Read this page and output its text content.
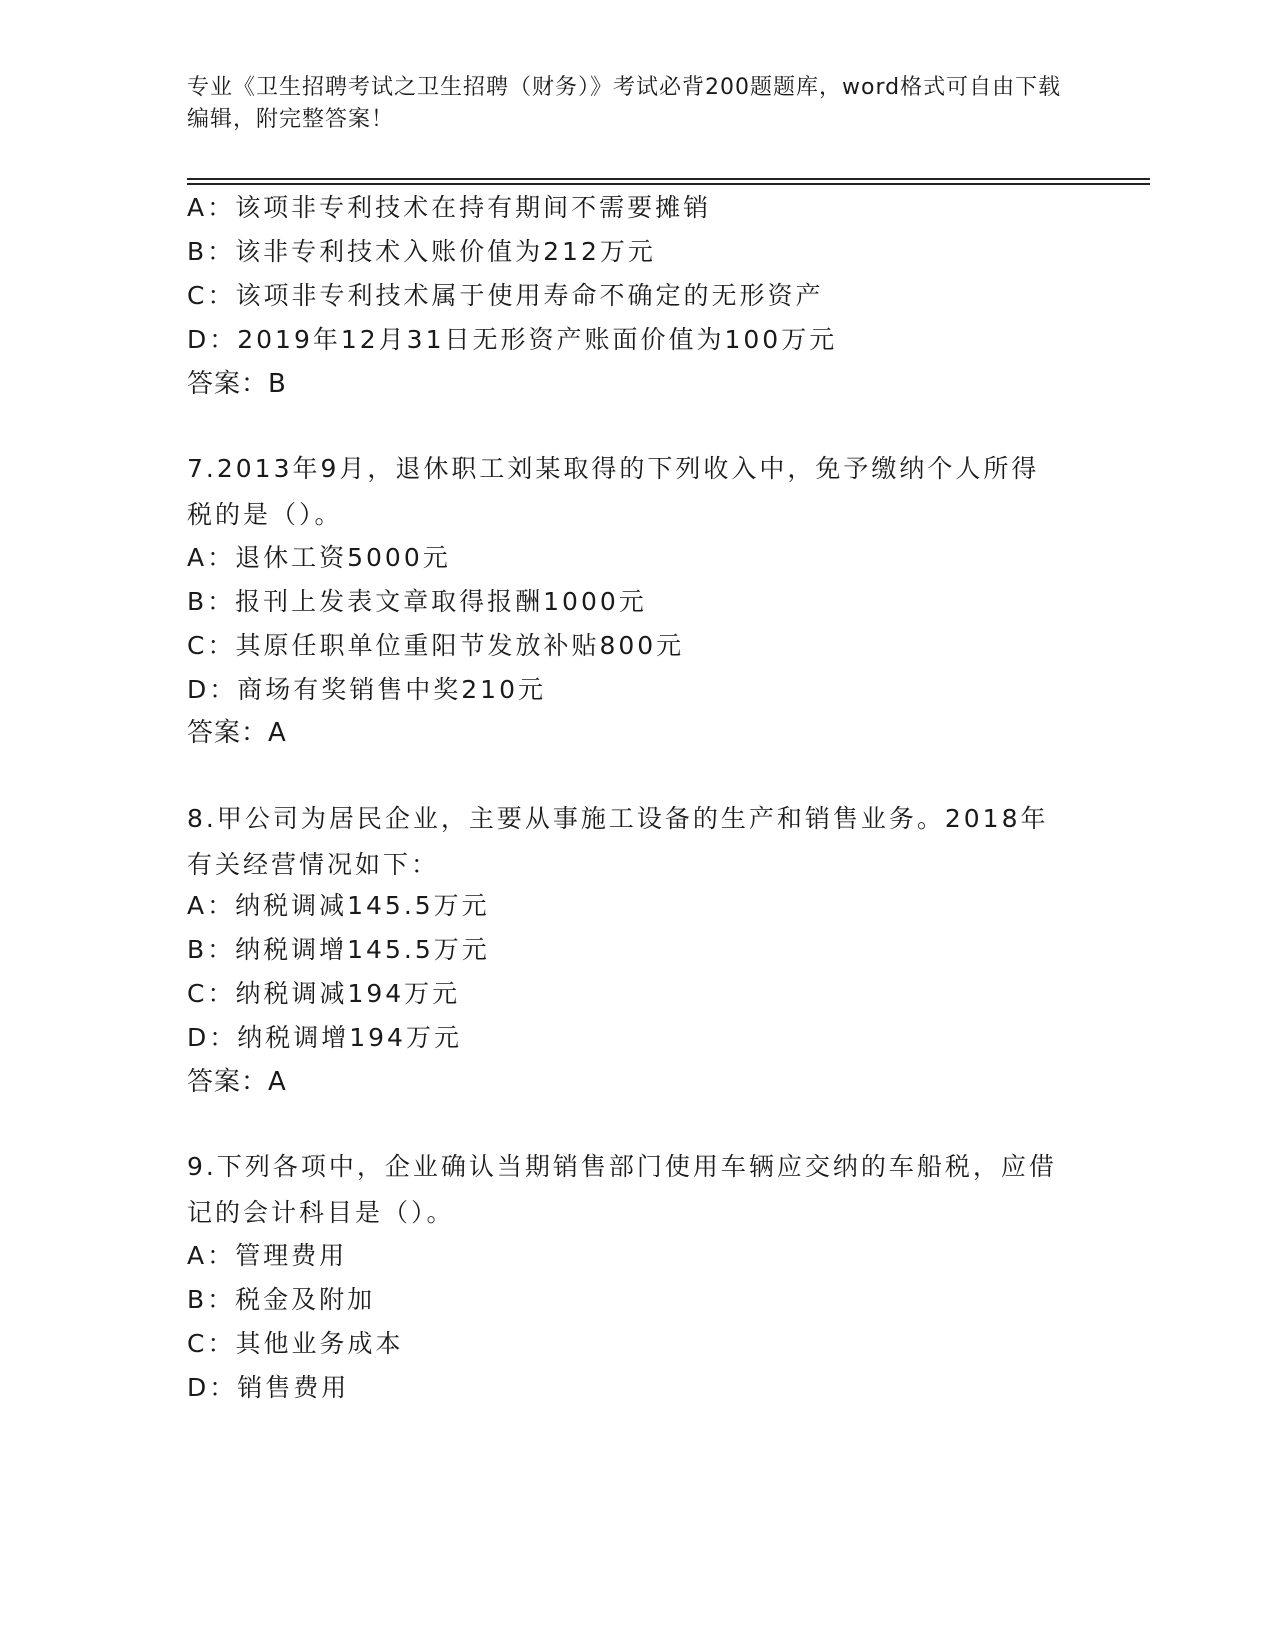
专业《卫生招聘考试之卫生招聘（财务）》考试必背200题题库，word格式可自由下载编辑，附完整答案！
A：该项非专利技术在持有期间不需要摊销
B：该非专利技术入账价值为212万元
C：该项非专利技术属于使用寿命不确定的无形资产
D：2019年12月31日无形资产账面价值为100万元
答案：B
7.2013年9月，退休职工刘某取得的下列收入中，免予缴纳个人所得税的是（）。
A：退休工资5000元
B：报刊上发表文章取得报酬1000元
C：其原任职单位重阳节发放补贴800元
D：商场有奖销售中奖210元
答案：A
8.甲公司为居民企业，主要从事施工设备的生产和销售业务。2018年有关经营情况如下：
A：纳税调减145.5万元
B：纳税调增145.5万元
C：纳税调减194万元
D：纳税调增194万元
答案：A
9.下列各项中，企业确认当期销售部门使用车辆应交纳的车船税，应借记的会计科目是（）。
A：管理费用
B：税金及附加
C：其他业务成本
D：销售费用
